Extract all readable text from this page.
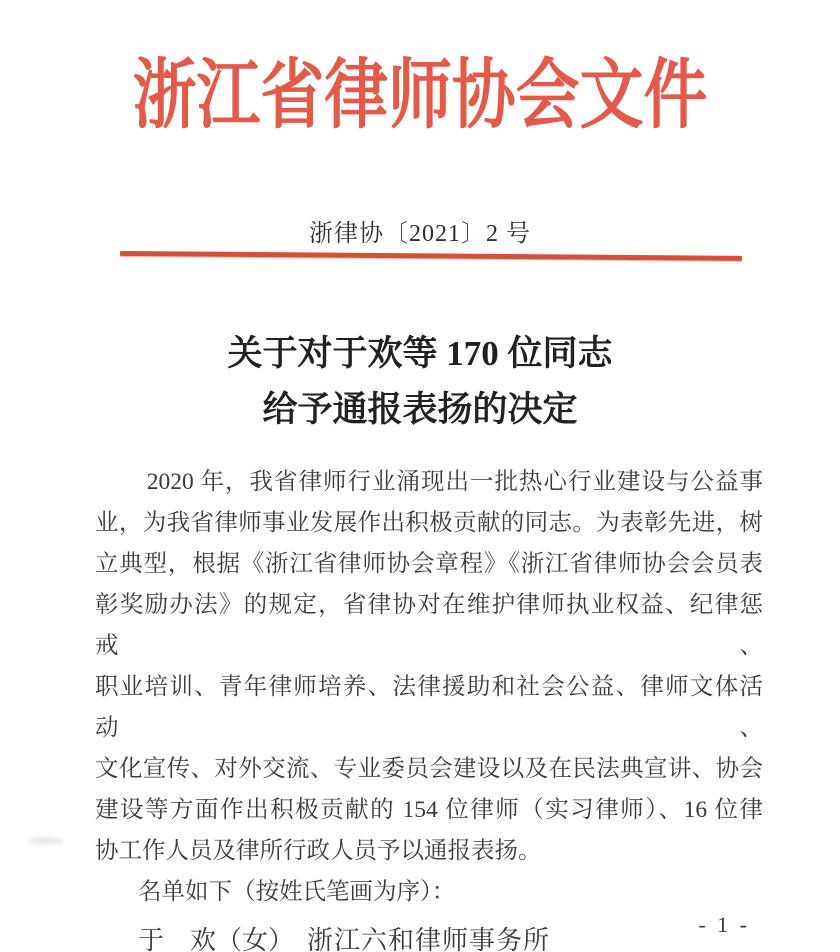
浙江省律师协会文件
浙律协〔2021〕2 号
关于对于欢等 170 位同志
给予通报表扬的决定
2020 年，我省律师行业涌现出一批热心行业建设与公益事
业，为我省律师事业发展作出积极贡献的同志。为表彰先进，树
立典型，根据《浙江省律师协会章程》《浙江省律师协会会员表
彰奖励办法》的规定，省律协对在维护律师执业权益、纪律惩戒、
职业培训、青年律师培养、法律援助和社会公益、律师文体活动、
文化宣传、对外交流、专业委员会建设以及在民法典宣讲、协会
建设等方面作出积极贡献的 154 位律师（实习律师）、16 位律
协工作人员及律所行政人员予以通报表扬。
名单如下（按姓氏笔画为序）：
于　欢（女） 浙江六和律师事务所
- 1 -
